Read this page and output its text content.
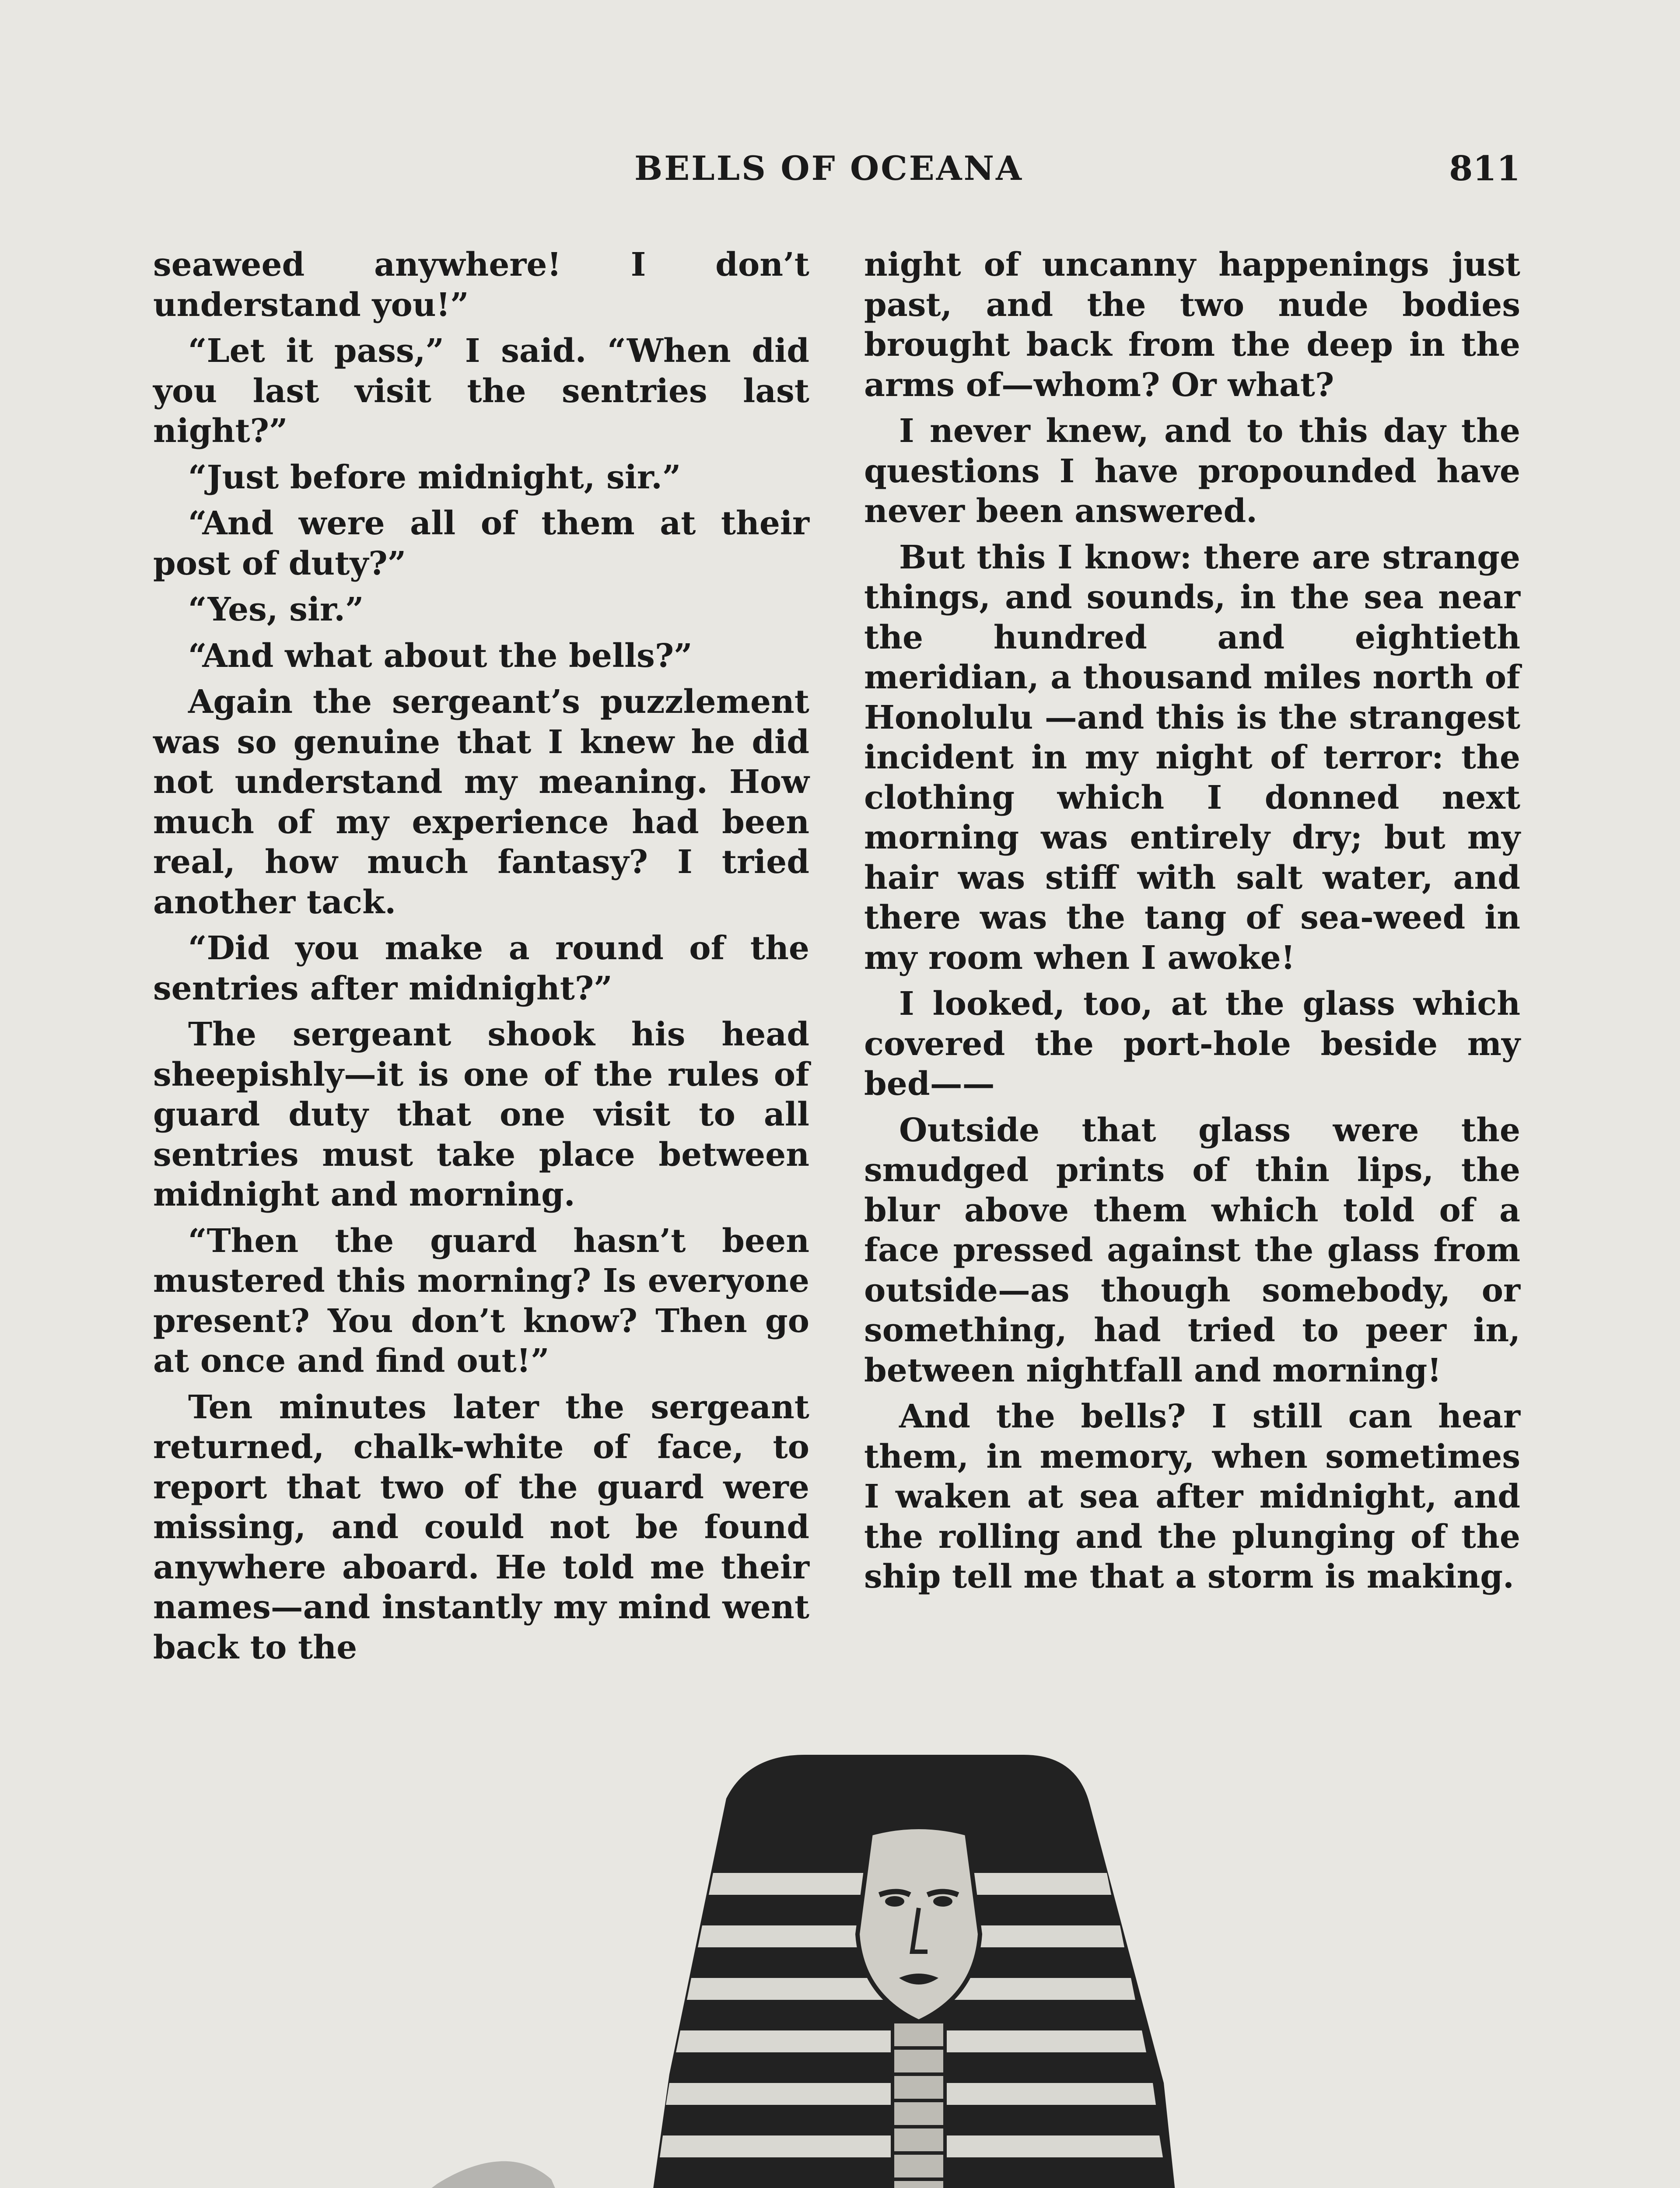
BELLS OF OCEANA	811

seaweed anywhere! I don’t understand you!”

“Let it pass,” I said. “When did you last visit the sentries last night?”

“Just before midnight, sir.”

“And were all of them at their post of duty?”

“Yes, sir.”

“And what about the bells?”

Again the sergeant’s puzzlement was so genuine that I knew he did not understand my meaning. How much of my experience had been real, how much fantasy? I tried another tack.

“Did you make a round of the sentries after midnight?”

The sergeant shook his head sheepishly—it is one of the rules of guard duty that one visit to all sentries must take place between midnight and morning.

“Then the guard hasn’t been mustered this morning? Is everyone present? You don’t know? Then go at once and find out!”

Ten minutes later the sergeant returned, chalk-white of face, to report that two of the guard were missing, and could not be found anywhere aboard. He told me their names—and instantly my mind went back to the

night of uncanny happenings just past, and the two nude bodies brought back from the deep in the arms of—whom? Or what?

I never knew, and to this day the questions I have propounded have never been answered.

But this I know: there are strange things, and sounds, in the sea near the hundred and eightieth meridian, a thousand miles north of Honolulu —and this is the strangest incident in my night of terror: the clothing which I donned next morning was entirely dry; but my hair was stiff with salt water, and there was the tang of sea-weed in my room when I awoke!

I looked, too, at the glass which covered the port-hole beside my bed——

Outside that glass were the smudged prints of thin lips, the blur above them which told of a face pressed against the glass from outside—as though somebody, or something, had tried to peer in, between nightfall and morning!

And the bells? I still can hear them, in memory, when sometimes I waken at sea after midnight, and the rolling and the plunging of the ship tell me that a storm is making.
